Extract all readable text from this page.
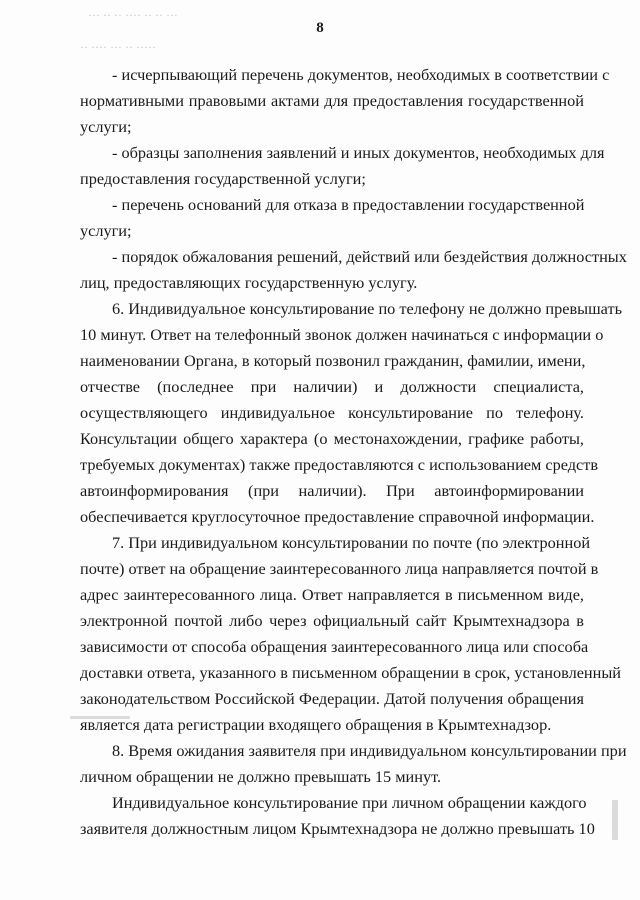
··· ·· ·· ···· ·· ·· ···
·· ···· ··· ·· ·····
8
- исчерпывающий перечень документов, необходимых в соответствии с
нормативными правовыми актами для предоставления государственной
услуги;
- образцы заполнения заявлений и иных документов, необходимых для
предоставления государственной услуги;
- перечень оснований для отказа в предоставлении государственной
услуги;
- порядок обжалования решений, действий или бездействия должностных
лиц, предоставляющих государственную услугу.
6. Индивидуальное консультирование по телефону не должно превышать
10 минут. Ответ на телефонный звонок должен начинаться с информации о
наименовании Органа, в который позвонил гражданин, фамилии, имени,
отчестве (последнее при наличии) и должности специалиста,
осуществляющего индивидуальное консультирование по телефону.
Консультации общего характера (о местонахождении, графике работы,
требуемых документах) также предоставляются с использованием средств
автоинформирования (при наличии). При автоинформировании
обеспечивается круглосуточное предоставление справочной информации.
7. При индивидуальном консультировании по почте (по электронной
почте) ответ на обращение заинтересованного лица направляется почтой в
адрес заинтересованного лица. Ответ направляется в письменном виде,
электронной почтой либо через официальный сайт Крымтехнадзора в
зависимости от способа обращения заинтересованного лица или способа
доставки ответа, указанного в письменном обращении в срок, установленный
законодательством Российской Федерации. Датой получения обращения
является дата регистрации входящего обращения в Крымтехнадзор.
8. Время ожидания заявителя при индивидуальном консультировании при
личном обращении не должно превышать 15 минут.
Индивидуальное консультирование при личном обращении каждого
заявителя должностным лицом Крымтехнадзора не должно превышать 10
